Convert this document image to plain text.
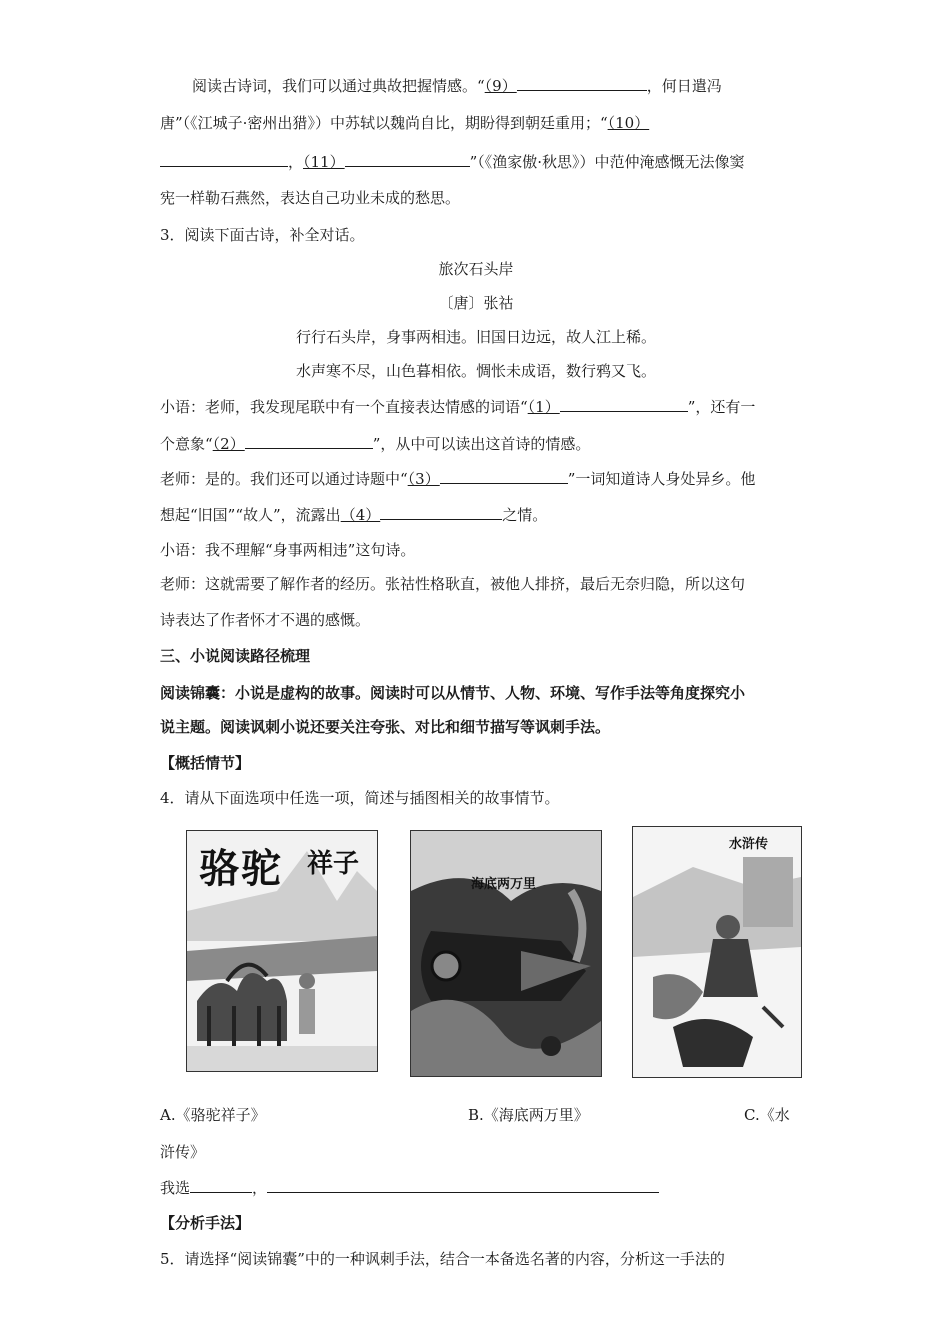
阅读古诗词，我们可以通过典故把握情感。“（9）	，何日遣冯
唐”（《江城子·密州出猎》）中苏轼以魏尚自比，期盼得到朝廷重用；“（10）
，（11）	”（《渔家傲·秋思》）中范仲淹感慨无法像窦
宪一样勒石燕然，表达自己功业未成的愁思。
3．阅读下面古诗，补全对话。
旅次石头岸
〔唐〕张祜
行行石头岸，身事两相违。旧国日边远，故人江上稀。
水声寒不尽，山色暮相依。惆怅未成语，数行鸦又飞。
小语：老师，我发现尾联中有一个直接表达情感的词语“（1）	”，还有一
个意象“（2）	”，从中可以读出这首诗的情感。
老师：是的。我们还可以通过诗题中“（3）	”一词知道诗人身处异乡。他
想起“旧国”“故人”，流露出（4）	之情。
小语：我不理解“身事两相违”这句诗。
老师：这就需要了解作者的经历。张祜性格耿直，被他人排挤，最后无奈归隐，所以这句
诗表达了作者怀才不遇的感慨。
三、小说阅读路径梳理
阅读锦囊：小说是虚构的故事。阅读时可以从情节、人物、环境、写作手法等角度探究小
说主题。阅读讽刺小说还要关注夸张、对比和细节描写等讽刺手法。
【概括情节】
4．请从下面选项中任选一项，简述与插图相关的故事情节。
骆驼 祥子
海底两万里
水浒传
A.《骆驼祥子》	B.《海底两万里》	C.《水
浒传》
我选	，
【分析手法】
5．请选择“阅读锦囊”中的一种讽刺手法，结合一本备选名著的内容，分析这一手法的
